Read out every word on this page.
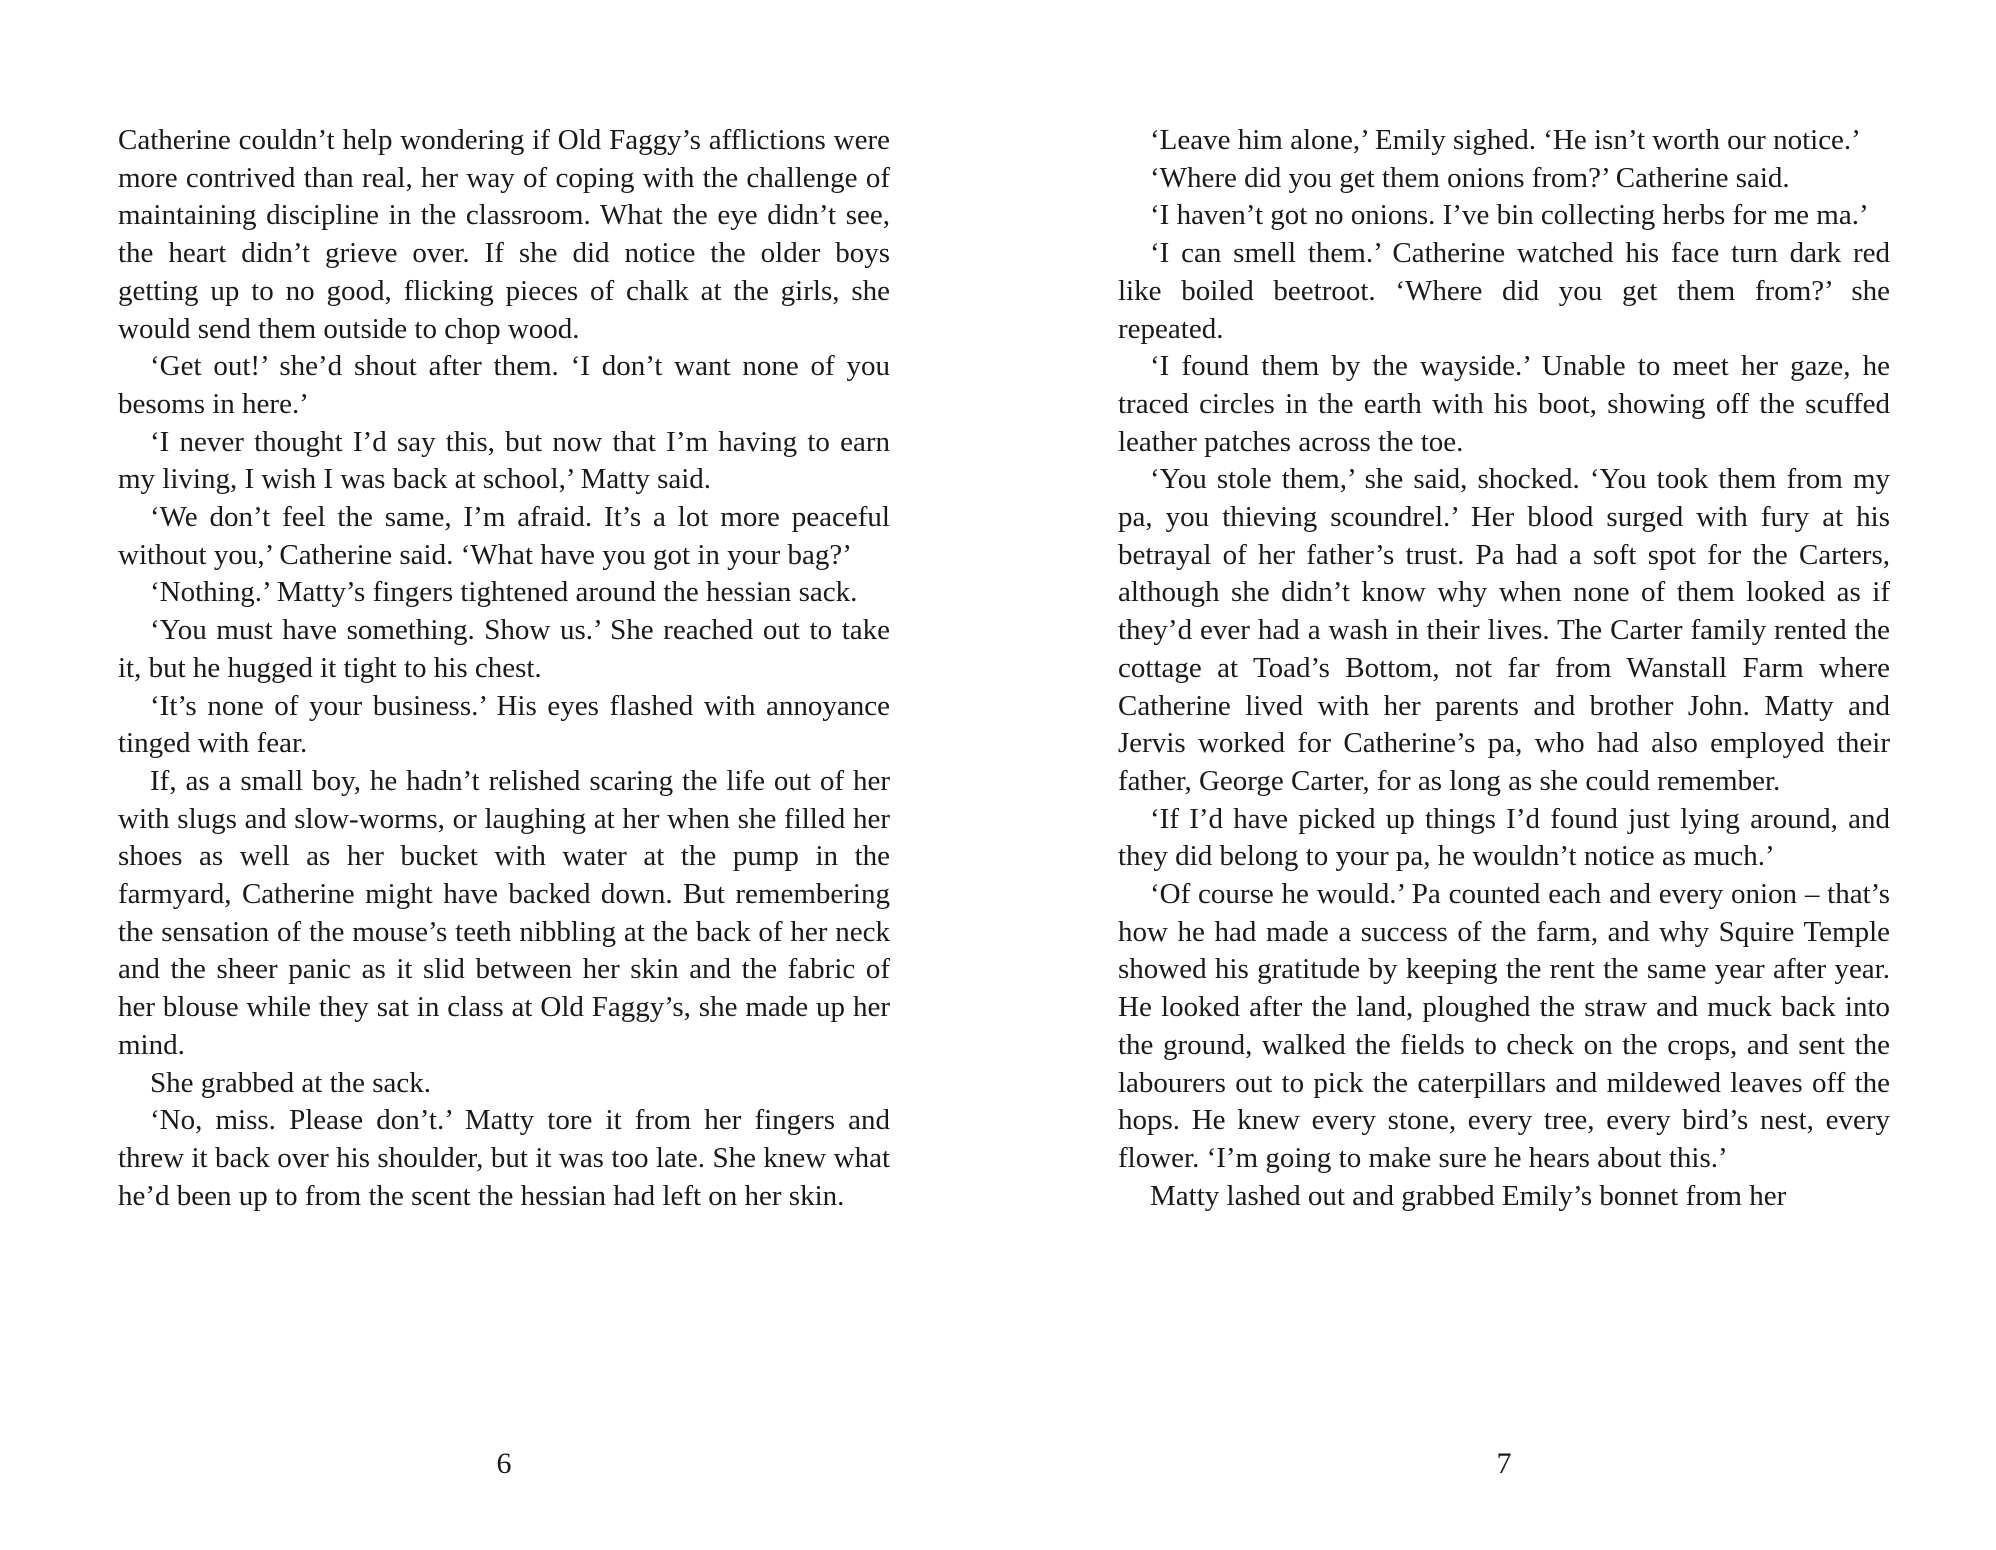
Catherine couldn’t help wondering if Old Faggy’s afflictions were more contrived than real, her way of coping with the challenge of maintaining discipline in the classroom. What the eye didn’t see, the heart didn’t grieve over. If she did notice the older boys getting up to no good, flicking pieces of chalk at the girls, she would send them outside to chop wood.

‘Get out!’ she’d shout after them. ‘I don’t want none of you besoms in here.’

‘I never thought I’d say this, but now that I’m having to earn my living, I wish I was back at school,’ Matty said.

‘We don’t feel the same, I’m afraid. It’s a lot more peaceful without you,’ Catherine said. ‘What have you got in your bag?’

‘Nothing.’ Matty’s fingers tightened around the hessian sack.

‘You must have something. Show us.’ She reached out to take it, but he hugged it tight to his chest.

‘It’s none of your business.’ His eyes flashed with annoyance tinged with fear.

If, as a small boy, he hadn’t relished scaring the life out of her with slugs and slow-worms, or laughing at her when she filled her shoes as well as her bucket with water at the pump in the farmyard, Catherine might have backed down. But remembering the sensation of the mouse’s teeth nibbling at the back of her neck and the sheer panic as it slid between her skin and the fabric of her blouse while they sat in class at Old Faggy’s, she made up her mind.

She grabbed at the sack.

‘No, miss. Please don’t.’ Matty tore it from her fingers and threw it back over his shoulder, but it was too late. She knew what he’d been up to from the scent the hessian had left on her skin.

6

‘Leave him alone,’ Emily sighed. ‘He isn’t worth our notice.’

‘Where did you get them onions from?’ Catherine said.

‘I haven’t got no onions. I’ve bin collecting herbs for me ma.’

‘I can smell them.’ Catherine watched his face turn dark red like boiled beetroot. ‘Where did you get them from?’ she repeated.

‘I found them by the wayside.’ Unable to meet her gaze, he traced circles in the earth with his boot, showing off the scuffed leather patches across the toe.

‘You stole them,’ she said, shocked. ‘You took them from my pa, you thieving scoundrel.’ Her blood surged with fury at his betrayal of her father’s trust. Pa had a soft spot for the Carters, although she didn’t know why when none of them looked as if they’d ever had a wash in their lives. The Carter family rented the cottage at Toad’s Bottom, not far from Wanstall Farm where Catherine lived with her parents and brother John. Matty and Jervis worked for Catherine’s pa, who had also employed their father, George Carter, for as long as she could remember.

‘If I’d have picked up things I’d found just lying around, and they did belong to your pa, he wouldn’t notice as much.’

‘Of course he would.’ Pa counted each and every onion – that’s how he had made a success of the farm, and why Squire Temple showed his gratitude by keeping the rent the same year after year. He looked after the land, ploughed the straw and muck back into the ground, walked the fields to check on the crops, and sent the labourers out to pick the caterpillars and mildewed leaves off the hops. He knew every stone, every tree, every bird’s nest, every flower. ‘I’m going to make sure he hears about this.’

Matty lashed out and grabbed Emily’s bonnet from her

7
